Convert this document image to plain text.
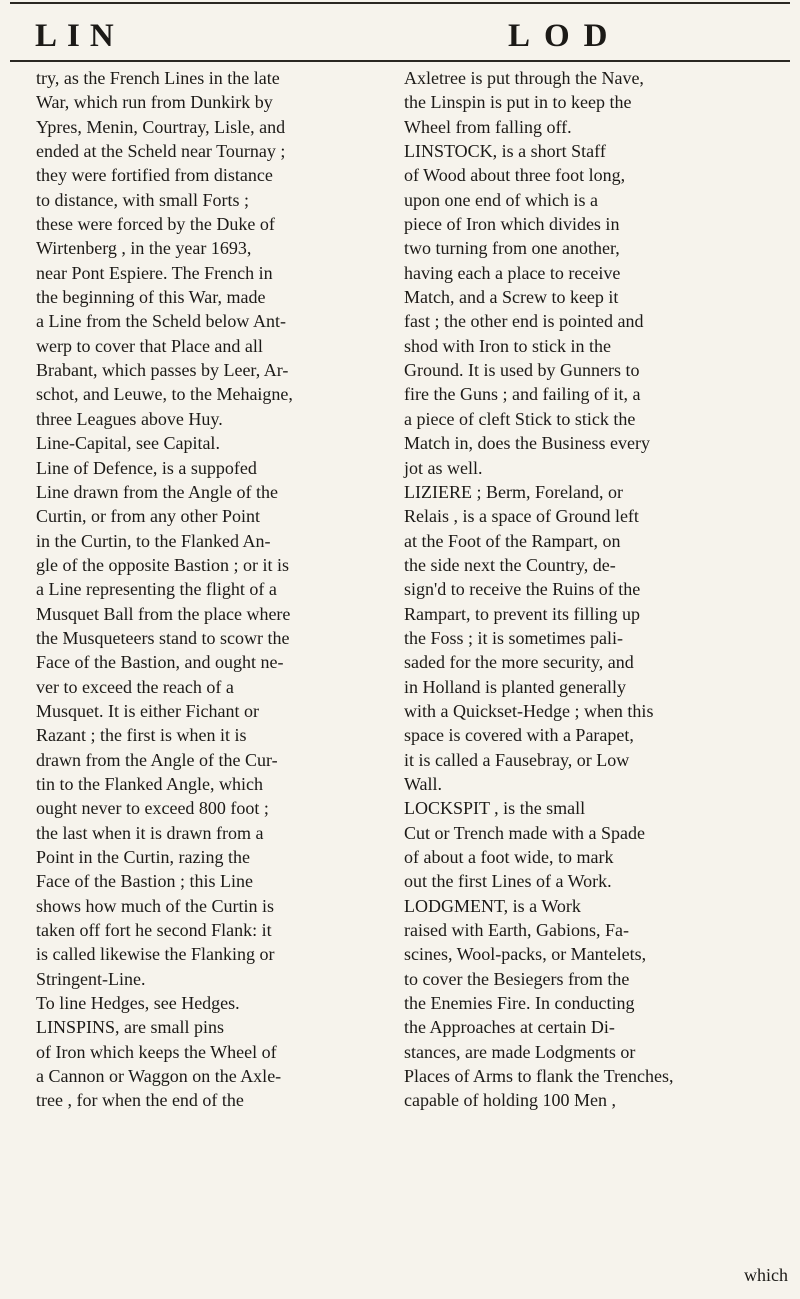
LIN	LOD
try, as the French Lines in the late
War, which run from Dunkirk by
Ypres, Menin, Courtray, Lisle, and
ended at the Scheld near Tournay ;
they were fortified from distance
to distance, with small Forts ;
these were forced by the Duke of
Wirtenberg , in the year 1693,
near Pont Espiere. The French in
the beginning of this War, made
a Line from the Scheld below Ant-
werp to cover that Place and all
Brabant, which passes by Leer, Ar-
schot, and Leuwe, to the Mehaigne,
three Leagues above Huy.
Line-Capital, see Capital.
Line of Defence, is a suppofed
Line drawn from the Angle of the
Curtin, or from any other Point
in the Curtin, to the Flanked An-
gle of the opposite Bastion ; or it is
a Line representing the flight of a
Musquet Ball from the place where
the Musqueteers stand to scowr the
Face of the Bastion, and ought ne-
ver to exceed the reach of a
Musquet. It is either Fichant or
Razant ; the first is when it is
drawn from the Angle of the Cur-
tin to the Flanked Angle, which
ought never to exceed 800 foot ;
the last when it is drawn from a
Point in the Curtin, razing the
Face of the Bastion ; this Line
shows how much of the Curtin is
taken off fort he second Flank: it
is called likewise the Flanking or
Stringent-Line.
To line Hedges, see Hedges.
LINSPINS, are small pins
of Iron which keeps the Wheel of
a Cannon or Waggon on the Axle-
tree , for when the end of the
Axletree is put through the Nave,
the Linspin is put in to keep the
Wheel from falling off.
LINSTOCK, is a short Staff
of Wood about three foot long,
upon one end of which is a
piece of Iron which divides in
two turning from one another,
having each a place to receive
Match, and a Screw to keep it
fast ; the other end is pointed and
shod with Iron to stick in the
Ground. It is used by Gunners to
fire the Guns ; and failing of it, a
a piece of cleft Stick to stick the
Match in, does the Business every
jot as well.
LIZIERE ; Berm, Foreland, or
Relais , is a space of Ground left
at the Foot of the Rampart, on
the side next the Country, de-
sign'd to receive the Ruins of the
Rampart, to prevent its filling up
the Foss ; it is sometimes pali-
saded for the more security, and
in Holland is planted generally
with a Quickset-Hedge ; when this
space is covered with a Parapet,
it is called a Fausebray, or Low
Wall.
LOCKSPIT , is the small
Cut or Trench made with a Spade
of about a foot wide, to mark
out the first Lines of a Work.
LODGMENT, is a Work
raised with Earth, Gabions, Fa-
scines, Wool-packs, or Mantelets,
to cover the Besiegers from the
the Enemies Fire. In conducting
the Approaches at certain Di-
stances, are made Lodgments or
Places of Arms to flank the Trenches,
capable of holding 100 Men ,
which
